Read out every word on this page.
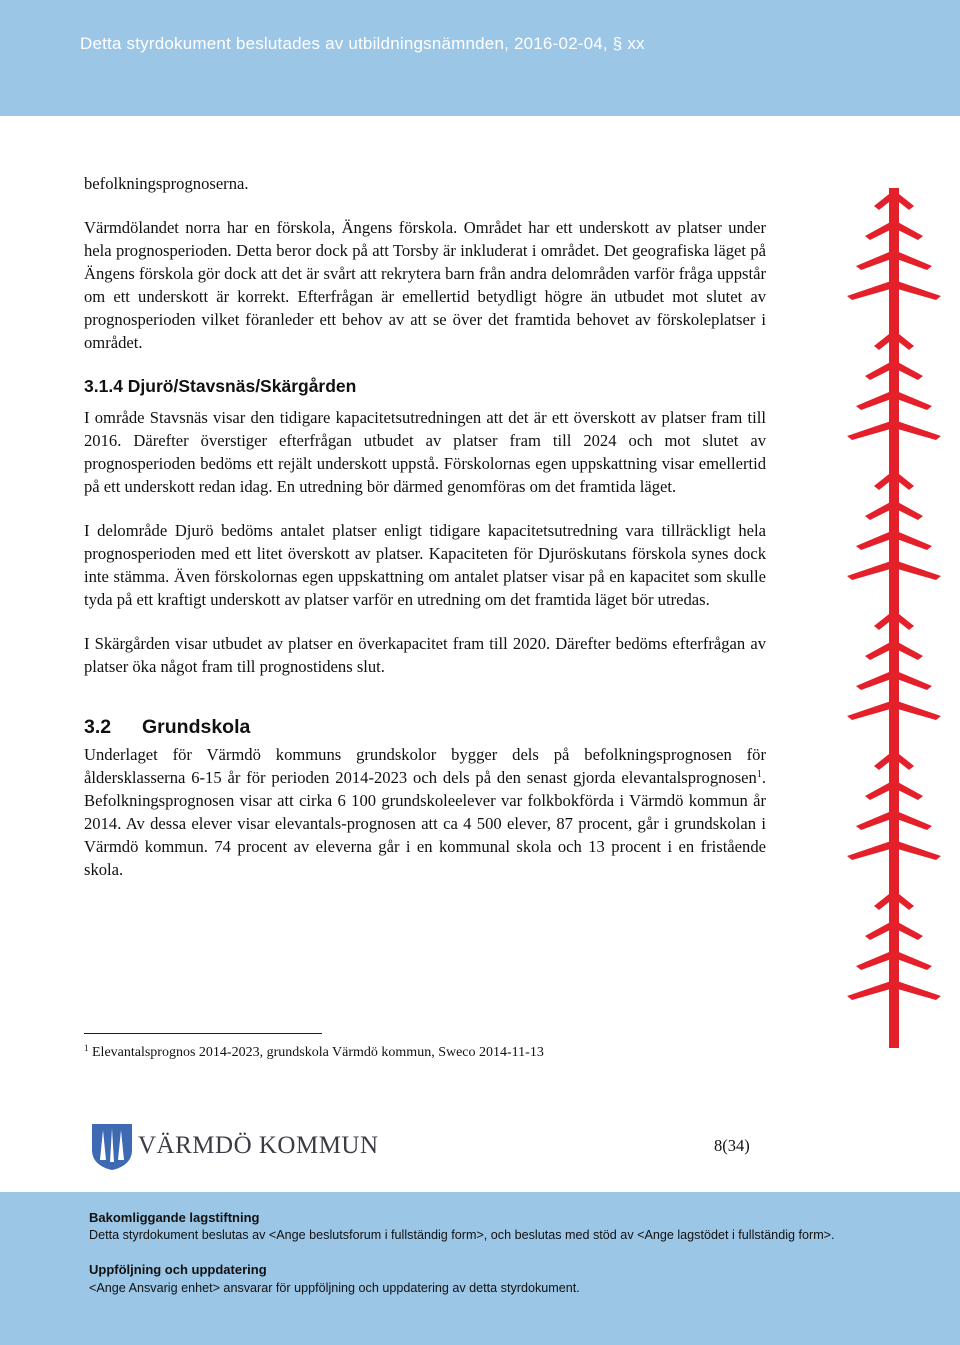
Detta styrdokument beslutades av utbildningsnämnden, 2016-02-04, § xx

befolkningsprognoserna.

Värmdölandet norra har en förskola, Ängens förskola. Området har ett underskott av platser under hela prognosperioden. Detta beror dock på att Torsby är inkluderat i området. Det geografiska läget på Ängens förskola gör dock att det är svårt att rekrytera barn från andra delområden varför fråga uppstår om ett underskott är korrekt. Efterfrågan är emellertid betydligt högre än utbudet mot slutet av prognosperioden vilket föranleder ett behov av att se över det framtida behovet av förskoleplatser i området.

3.1.4 Djurö/Stavsnäs/Skärgården

I område Stavsnäs visar den tidigare kapacitetsutredningen att det är ett överskott av platser fram till 2016. Därefter överstiger efterfrågan utbudet av platser fram till 2024 och mot slutet av prognosperioden bedöms ett rejält underskott uppstå. Förskolornas egen uppskattning visar emellertid på ett underskott redan idag. En utredning bör därmed genomföras om det framtida läget.

I delområde Djurö bedöms antalet platser enligt tidigare kapacitetsutredning vara tillräckligt hela prognosperioden med ett litet överskott av platser. Kapaciteten för Djuröskutans förskola synes dock inte stämma. Även förskolornas egen uppskattning om antalet platser visar på en kapacitet som skulle tyda på ett kraftigt underskott av platser varför en utredning om det framtida läget bör utredas.

I Skärgården visar utbudet av platser en överkapacitet fram till 2020. Därefter bedöms efterfrågan av platser öka något fram till prognostidens slut.

3.2 Grundskola

Underlaget för Värmdö kommuns grundskolor bygger dels på befolkningsprognosen för åldersklasserna 6-15 år för perioden 2014-2023 och dels på den senast gjorda elevantalsprognosen$^1$. Befolkningsprognosen visar att cirka 6 100 grundskoleelever var folkbokförda i Värmdö kommun år 2014. Av dessa elever visar elevantals-prognosen att ca 4 500 elever, 87 procent, går i grundskolan i Värmdö kommun. 74 procent av eleverna går i en kommunal skola och 13 procent i en fristående skola.

$^1$ Elevantalsprognos 2014-2023, grundskola Värmdö kommun, Sweco 2014-11-13
VÄRMDÖ KOMMUN	8(34)
Bakomliggande lagstiftning
Detta styrdokument beslutas av <Ange beslutsforum i fullständig form>, och beslutas med stöd av <Ange lagstödet i fullständig form>.
Uppföljning och uppdatering
<Ange Ansvarig enhet> ansvarar för uppföljning och uppdatering av detta styrdokument.
